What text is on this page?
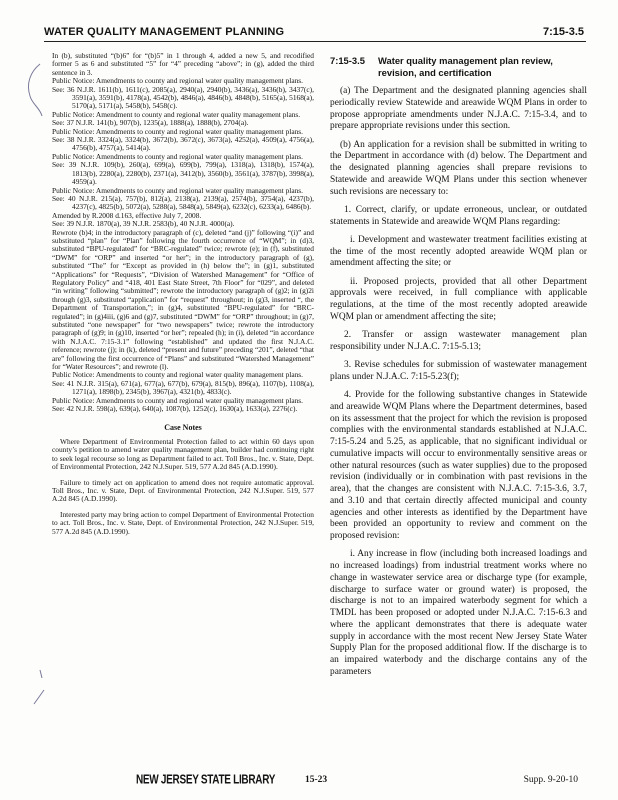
WATER QUALITY MANAGEMENT PLANNING	7:15-3.5

In (b), substituted “(b)6” for “(b)5” in 1 through 4, added a new 5, and recodified former 5 as 6 and substituted “5” for “4” preceding “above”; in (g), added the third sentence in 3.

Public Notice: Amendments to county and regional water quality management plans.

See: 36 N.J.R. 1611(b), 1611(c), 2085(a), 2940(a), 2940(b), 3436(a), 3436(b), 3437(c), 3591(a), 3591(b), 4178(a), 4542(b), 4846(a), 4846(b), 4848(b), 5165(a), 5168(a), 5170(a), 5171(a), 5458(b), 5458(c).

Public Notice: Amendment to county and regional water quality management plans.

See: 37 N.J.R. 141(b), 907(b), 1235(a), 1888(a), 1888(b), 2704(a).

Public Notice: Amendments to county and regional water quality management plans.

See: 38 N.J.R. 3324(a), 3324(b), 3672(b), 3672(c), 3673(a), 4252(a), 4509(a), 4756(a), 4756(b), 4757(a), 5414(a).

Public Notice: Amendments to county and regional water quality management plans.

See: 39 N.J.R. 109(b), 260(a), 699(a), 699(b), 799(a), 1318(a), 1318(b), 1574(a), 1813(b), 2280(a), 2280(b), 2371(a), 3412(b), 3560(b), 3561(a), 3787(b), 3998(a), 4959(a).

Public Notice: Amendments to county and regional water quality management plans.

See: 40 N.J.R. 215(a), 757(b), 812(a), 2138(a), 2139(a), 2574(b), 3754(a), 4237(b), 4237(c), 4825(b), 5072(a), 5288(a), 5848(a), 5849(a), 6232(c), 6233(a), 6486(b).

Amended by R.2008 d.163, effective July 7, 2008.

See: 39 N.J.R. 1870(a), 39 N.J.R. 2583(b), 40 N.J.R. 4000(a).

Rewrote (b)4; in the introductory paragraph of (c), deleted “and (j)” following “(i)” and substituted “plan” for “Plan” following the fourth occurrence of “WQM”; in (d)3, substituted “BPU-regulated” for “BRC-regulated” twice; rewrote (e); in (f), substituted “DWM” for “ORP” and inserted “or her”; in the introductory paragraph of (g), substituted “The” for “Except as provided in (h) below the”; in (g)1, substituted “Applications” for “Requests”, “Division of Watershed Management” for “Office of Regulatory Policy” and “418, 401 East State Street, 7th Floor” for “029”, and deleted “in writing” following “submitted”; rewrote the introductory paragraph of (g)2; in (g)2i through (g)3, substituted “application” for “request” throughout; in (g)3, inserted “, the Department of Transportation,”; in (g)4, substituted “BPU-regulated” for “BRC-regulated”; in (g)4iii, (g)6 and (g)7, substituted “DWM” for “ORP” throughout; in (g)7, substituted “one newspaper” for “two newspapers” twice; rewrote the introductory paragraph of (g)9; in (g)10, inserted “or her”; repealed (h); in (i), deleted “in accordance with N.J.A.C. 7:15-3.1” following “established” and updated the first N.J.A.C. reference; rewrote (j); in (k), deleted “present and future” preceding “201”, deleted “that are” following the first occurrence of “Plans” and substituted “Watershed Management” for “Water Resources”; and rewrote (l).

Public Notice: Amendments to county and regional water quality management plans.

See: 41 N.J.R. 315(a), 671(a), 677(a), 677(b), 679(a), 815(b), 896(a), 1107(b), 1108(a), 1271(a), 1898(b), 2345(b), 3967(a), 4321(b), 4833(c).

Public Notice: Amendments to county and regional water quality management plans.

See: 42 N.J.R. 598(a), 639(a), 640(a), 1087(b), 1252(c), 1630(a), 1633(a), 2276(c).

Case Notes

Where Department of Environmental Protection failed to act within 60 days upon county’s petition to amend water quality management plan, builder had continuing right to seek legal recourse so long as Department failed to act. Toll Bros., Inc. v. State, Dept. of Environmental Protection, 242 N.J.Super. 519, 577 A.2d 845 (A.D.1990).

Failure to timely act on application to amend does not require automatic approval. Toll Bros., Inc. v. State, Dept. of Environmental Protection, 242 N.J.Super. 519, 577 A.2d 845 (A.D.1990).

Interested party may bring action to compel Department of Environmental Protection to act. Toll Bros., Inc. v. State, Dept. of Environmental Protection, 242 N.J.Super. 519, 577 A.2d 845 (A.D.1990).

7:15-3.5	Water quality management plan review, revision, and certification

(a) The Department and the designated planning agencies shall periodically review Statewide and areawide WQM Plans in order to propose appropriate amendments under N.J.A.C. 7:15-3.4, and to prepare appropriate revisions under this section.

(b) An application for a revision shall be submitted in writing to the Department in accordance with (d) below. The Department and the designated planning agencies shall prepare revisions to Statewide and areawide WQM Plans under this section whenever such revisions are necessary to:

1. Correct, clarify, or update erroneous, unclear, or outdated statements in Statewide and areawide WQM Plans regarding:

i. Development and wastewater treatment facilities existing at the time of the most recently adopted areawide WQM plan or amendment affecting the site; or

ii. Proposed projects, provided that all other Department approvals were received, in full compliance with applicable regulations, at the time of the most recently adopted areawide WQM plan or amendment affecting the site;

2. Transfer or assign wastewater management plan responsibility under N.J.A.C. 7:15-5.13;

3. Revise schedules for submission of wastewater management plans under N.J.A.C. 7:15-5.23(f);

4. Provide for the following substantive changes in Statewide and areawide WQM Plans where the Department determines, based on its assessment that the project for which the revision is proposed complies with the environmental standards established at N.J.A.C. 7:15-5.24 and 5.25, as applicable, that no significant individual or cumulative impacts will occur to environmentally sensitive areas or other natural resources (such as water supplies) due to the proposed revision (individually or in combination with past revisions in the area), that the changes are consistent with N.J.A.C. 7:15-3.6, 3.7, and 3.10 and that certain directly affected municipal and county agencies and other interests as identified by the Department have been provided an opportunity to review and comment on the proposed revision:

i. Any increase in flow (including both increased loadings and no increased loadings) from industrial treatment works where no change in wastewater service area or discharge type (for example, discharge to surface water or ground water) is proposed, the discharge is not to an impaired waterbody segment for which a TMDL has been proposed or adopted under N.J.A.C. 7:15-6.3 and where the applicant demonstrates that there is adequate water supply in accordance with the most recent New Jersey State Water Supply Plan for the proposed additional flow. If the discharge is to an impaired waterbody and the discharge contains any of the parameters

NEW JERSEY STATE LIBRARY	15-23	Supp. 9-20-10
